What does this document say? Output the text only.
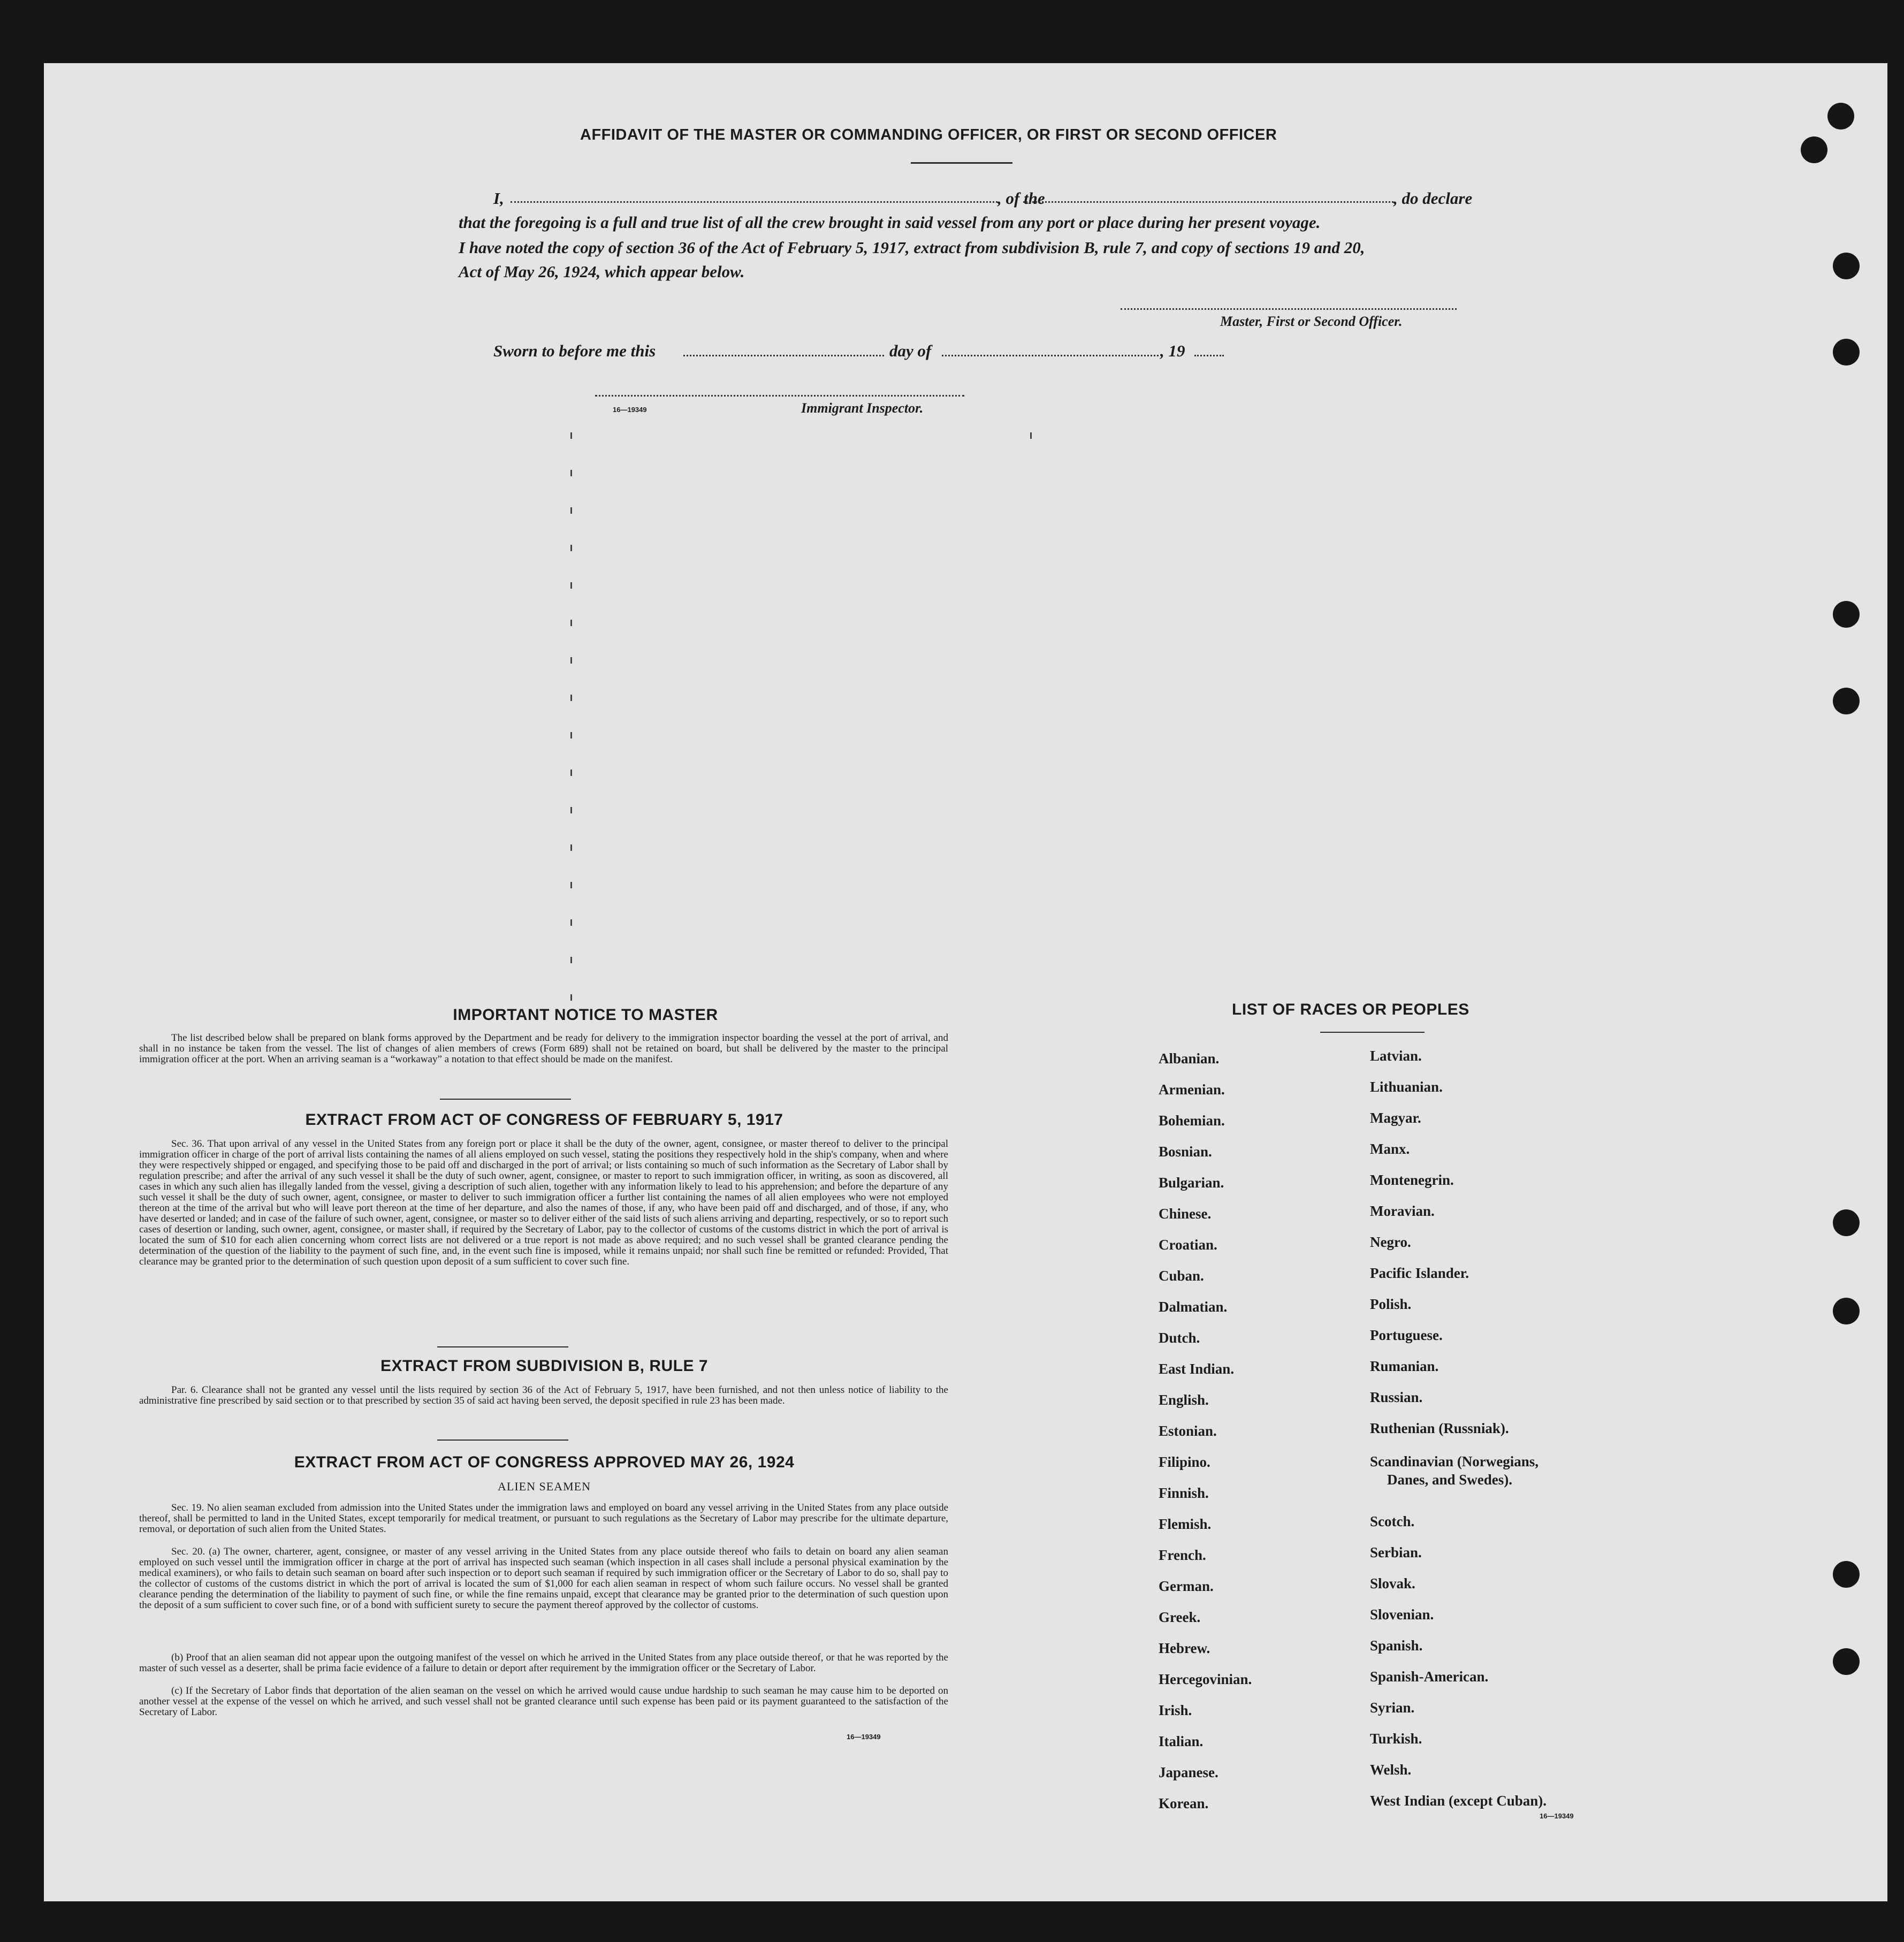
AFFIDAVIT OF THE MASTER OR COMMANDING OFFICER, OR FIRST OR SECOND OFFICER
I,	, of the	, do declare
that the foregoing is a full and true list of all the crew brought in said vessel from any port or place during her present voyage.
I have noted the copy of section 36 of the Act of February 5, 1917, extract from subdivision B, rule 7, and copy of sections 19 and 20,
Act of May 26, 1924, which appear below.
Master, First or Second Officer.
Sworn to before me this	day of	, 19
16—19349	Immigrant Inspector.
IMPORTANT NOTICE TO MASTER
The list described below shall be prepared on blank forms approved by the Department and be ready for delivery to the immigration inspector boarding the vessel at the port of arrival, and shall in no instance be taken from the vessel. The list of changes of alien members of crews (Form 689) shall not be retained on board, but shall be delivered by the master to the principal immigration officer at the port. When an arriving seaman is a “workaway” a notation to that effect should be made on the manifest.
EXTRACT FROM ACT OF CONGRESS OF FEBRUARY 5, 1917
Sec. 36. That upon arrival of any vessel in the United States from any foreign port or place it shall be the duty of the owner, agent, consignee, or master thereof to deliver to the principal immigration officer in charge of the port of arrival lists containing the names of all aliens employed on such vessel, stating the positions they respectively hold in the ship's company, when and where they were respectively shipped or engaged, and specifying those to be paid off and discharged in the port of arrival; or lists containing so much of such information as the Secretary of Labor shall by regulation prescribe; and after the arrival of any such vessel it shall be the duty of such owner, agent, consignee, or master to report to such immigration officer, in writing, as soon as discovered, all cases in which any such alien has illegally landed from the vessel, giving a description of such alien, together with any information likely to lead to his apprehension; and before the departure of any such vessel it shall be the duty of such owner, agent, consignee, or master to deliver to such immigration officer a further list containing the names of all alien employees who were not employed thereon at the time of the arrival but who will leave port thereon at the time of her departure, and also the names of those, if any, who have been paid off and discharged, and of those, if any, who have deserted or landed; and in case of the failure of such owner, agent, consignee, or master so to deliver either of the said lists of such aliens arriving and departing, respectively, or so to report such cases of desertion or landing, such owner, agent, consignee, or master shall, if required by the Secretary of Labor, pay to the collector of customs of the customs district in which the port of arrival is located the sum of $10 for each alien concerning whom correct lists are not delivered or a true report is not made as above required; and no such vessel shall be granted clearance pending the determination of the question of the liability to the payment of such fine, and, in the event such fine is imposed, while it remains unpaid; nor shall such fine be remitted or refunded: Provided, That clearance may be granted prior to the determination of such question upon deposit of a sum sufficient to cover such fine.
EXTRACT FROM SUBDIVISION B, RULE 7
Par. 6. Clearance shall not be granted any vessel until the lists required by section 36 of the Act of February 5, 1917, have been furnished, and not then unless notice of liability to the administrative fine prescribed by said section or to that prescribed by section 35 of said act having been served, the deposit specified in rule 23 has been made.
EXTRACT FROM ACT OF CONGRESS APPROVED MAY 26, 1924
ALIEN SEAMEN
Sec. 19. No alien seaman excluded from admission into the United States under the immigration laws and employed on board any vessel arriving in the United States from any place outside thereof, shall be permitted to land in the United States, except temporarily for medical treatment, or pursuant to such regulations as the Secretary of Labor may prescribe for the ultimate departure, removal, or deportation of such alien from the United States.
Sec. 20. (a) The owner, charterer, agent, consignee, or master of any vessel arriving in the United States from any place outside thereof who fails to detain on board any alien seaman employed on such vessel until the immigration officer in charge at the port of arrival has inspected such seaman (which inspection in all cases shall include a personal physical examination by the medical examiners), or who fails to detain such seaman on board after such inspection or to deport such seaman if required by such immigration officer or the Secretary of Labor to do so, shall pay to the collector of customs of the customs district in which the port of arrival is located the sum of $1,000 for each alien seaman in respect of whom such failure occurs. No vessel shall be granted clearance pending the determination of the liability to payment of such fine, or while the fine remains unpaid, except that clearance may be granted prior to the determination of such question upon the deposit of a sum sufficient to cover such fine, or of a bond with sufficient surety to secure the payment thereof approved by the collector of customs.
(b) Proof that an alien seaman did not appear upon the outgoing manifest of the vessel on which he arrived in the United States from any place outside thereof, or that he was reported by the master of such vessel as a deserter, shall be prima facie evidence of a failure to detain or deport after requirement by the immigration officer or the Secretary of Labor.
(c) If the Secretary of Labor finds that deportation of the alien seaman on the vessel on which he arrived would cause undue hardship to such seaman he may cause him to be deported on another vessel at the expense of the vessel on which he arrived, and such vessel shall not be granted clearance until such expense has been paid or its payment guaranteed to the satisfaction of the Secretary of Labor.
16—19349
LIST OF RACES OR PEOPLES
Albanian.
Armenian.
Bohemian.
Bosnian.
Bulgarian.
Chinese.
Croatian.
Cuban.
Dalmatian.
Dutch.
East Indian.
English.
Estonian.
Filipino.
Finnish.
Flemish.
French.
German.
Greek.
Hebrew.
Hercegovinian.
Irish.
Italian.
Japanese.
Korean.
Latvian.
Lithuanian.
Magyar.
Manx.
Montenegrin.
Moravian.
Negro.
Pacific Islander.
Polish.
Portuguese.
Rumanian.
Russian.
Ruthenian (Russniak).
Scandinavian (Norwegians,
Danes, and Swedes).
Scotch.
Serbian.
Slovak.
Slovenian.
Spanish.
Spanish-American.
Syrian.
Turkish.
Welsh.
West Indian (except Cuban).
16—19349
